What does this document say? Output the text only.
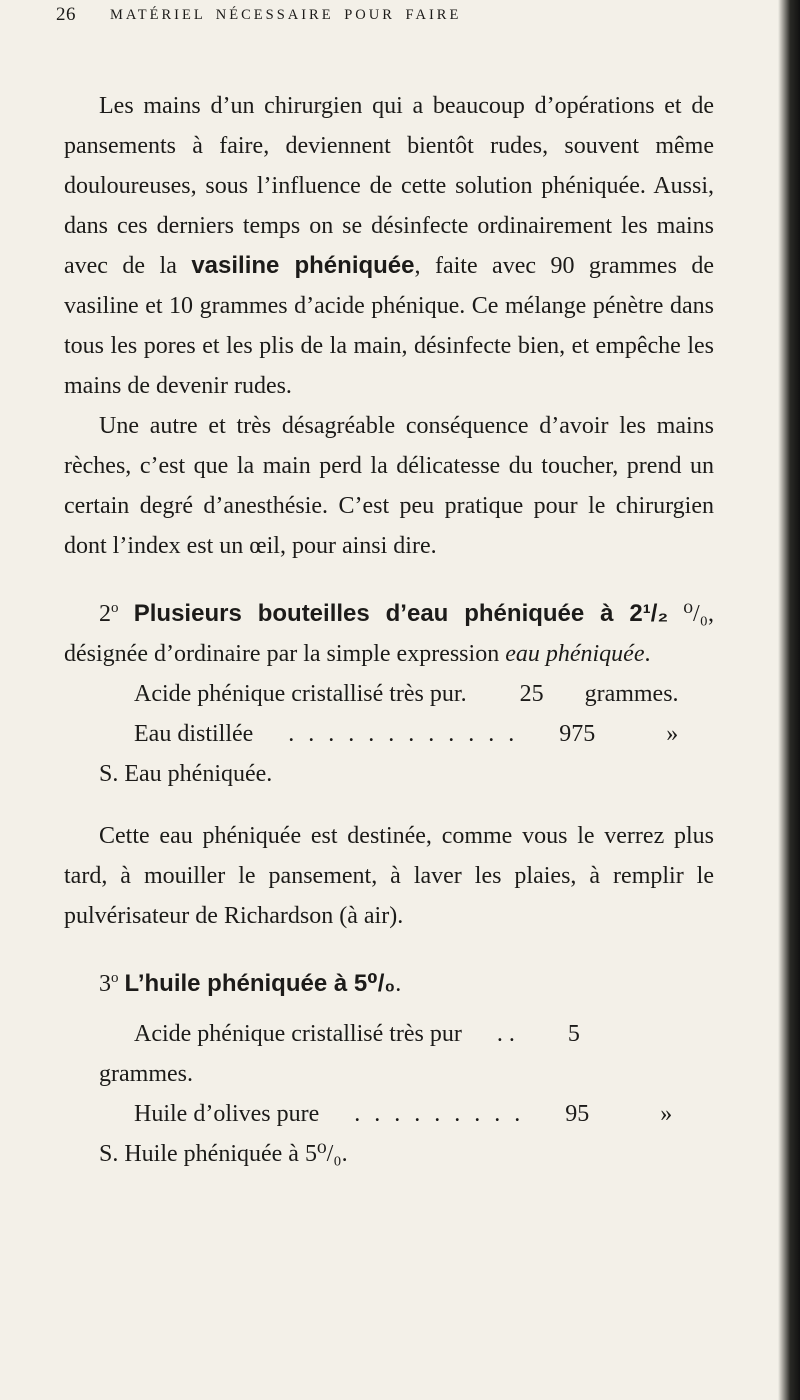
26 MATÉRIEL NÉCESSAIRE POUR FAIRE

Les mains d’un chirurgien qui a beaucoup d’opérations et de pansements à faire, deviennent bientôt rudes, souvent même douloureuses, sous l’influence de cette solution phéniquée. Aussi, dans ces derniers temps on se désinfecte ordinairement les mains avec de la vasiline phéniquée, faite avec 90 grammes de vasiline et 10 grammes d’acide phénique. Ce mélange pénètre dans tous les pores et les plis de la main, désinfecte bien, et empêche les mains de devenir rudes.

Une autre et très désagréable conséquence d’avoir les mains rèches, c’est que la main perd la délicatesse du toucher, prend un certain degré d’anesthésie. C’est peu pratique pour le chirurgien dont l’index est un œil, pour ainsi dire.

2$^o$ Plusieurs bouteilles d’eau phéniquée à 2¹/₂ ⁰/₀, désignée d’ordinaire par la simple expression eau phéniquée.

Acide phénique cristallisé très pur. 25 grammes.

Eau distillée. . . . . . . . . . . . 975	»

S. Eau phéniquée.

Cette eau phéniquée est destinée, comme vous le verrez plus tard, à mouiller le pansement, à laver les plaies, à remplir le pulvérisateur de Richardson (à air).

3$^o$ L’huile phéniquée à 5⁰/₀.

Acide phénique cristallisé très pur. . 5 grammes.

Huile d’olives pure. . . . . . . . . 95	»

S. Huile phéniquée à 5⁰/₀.
